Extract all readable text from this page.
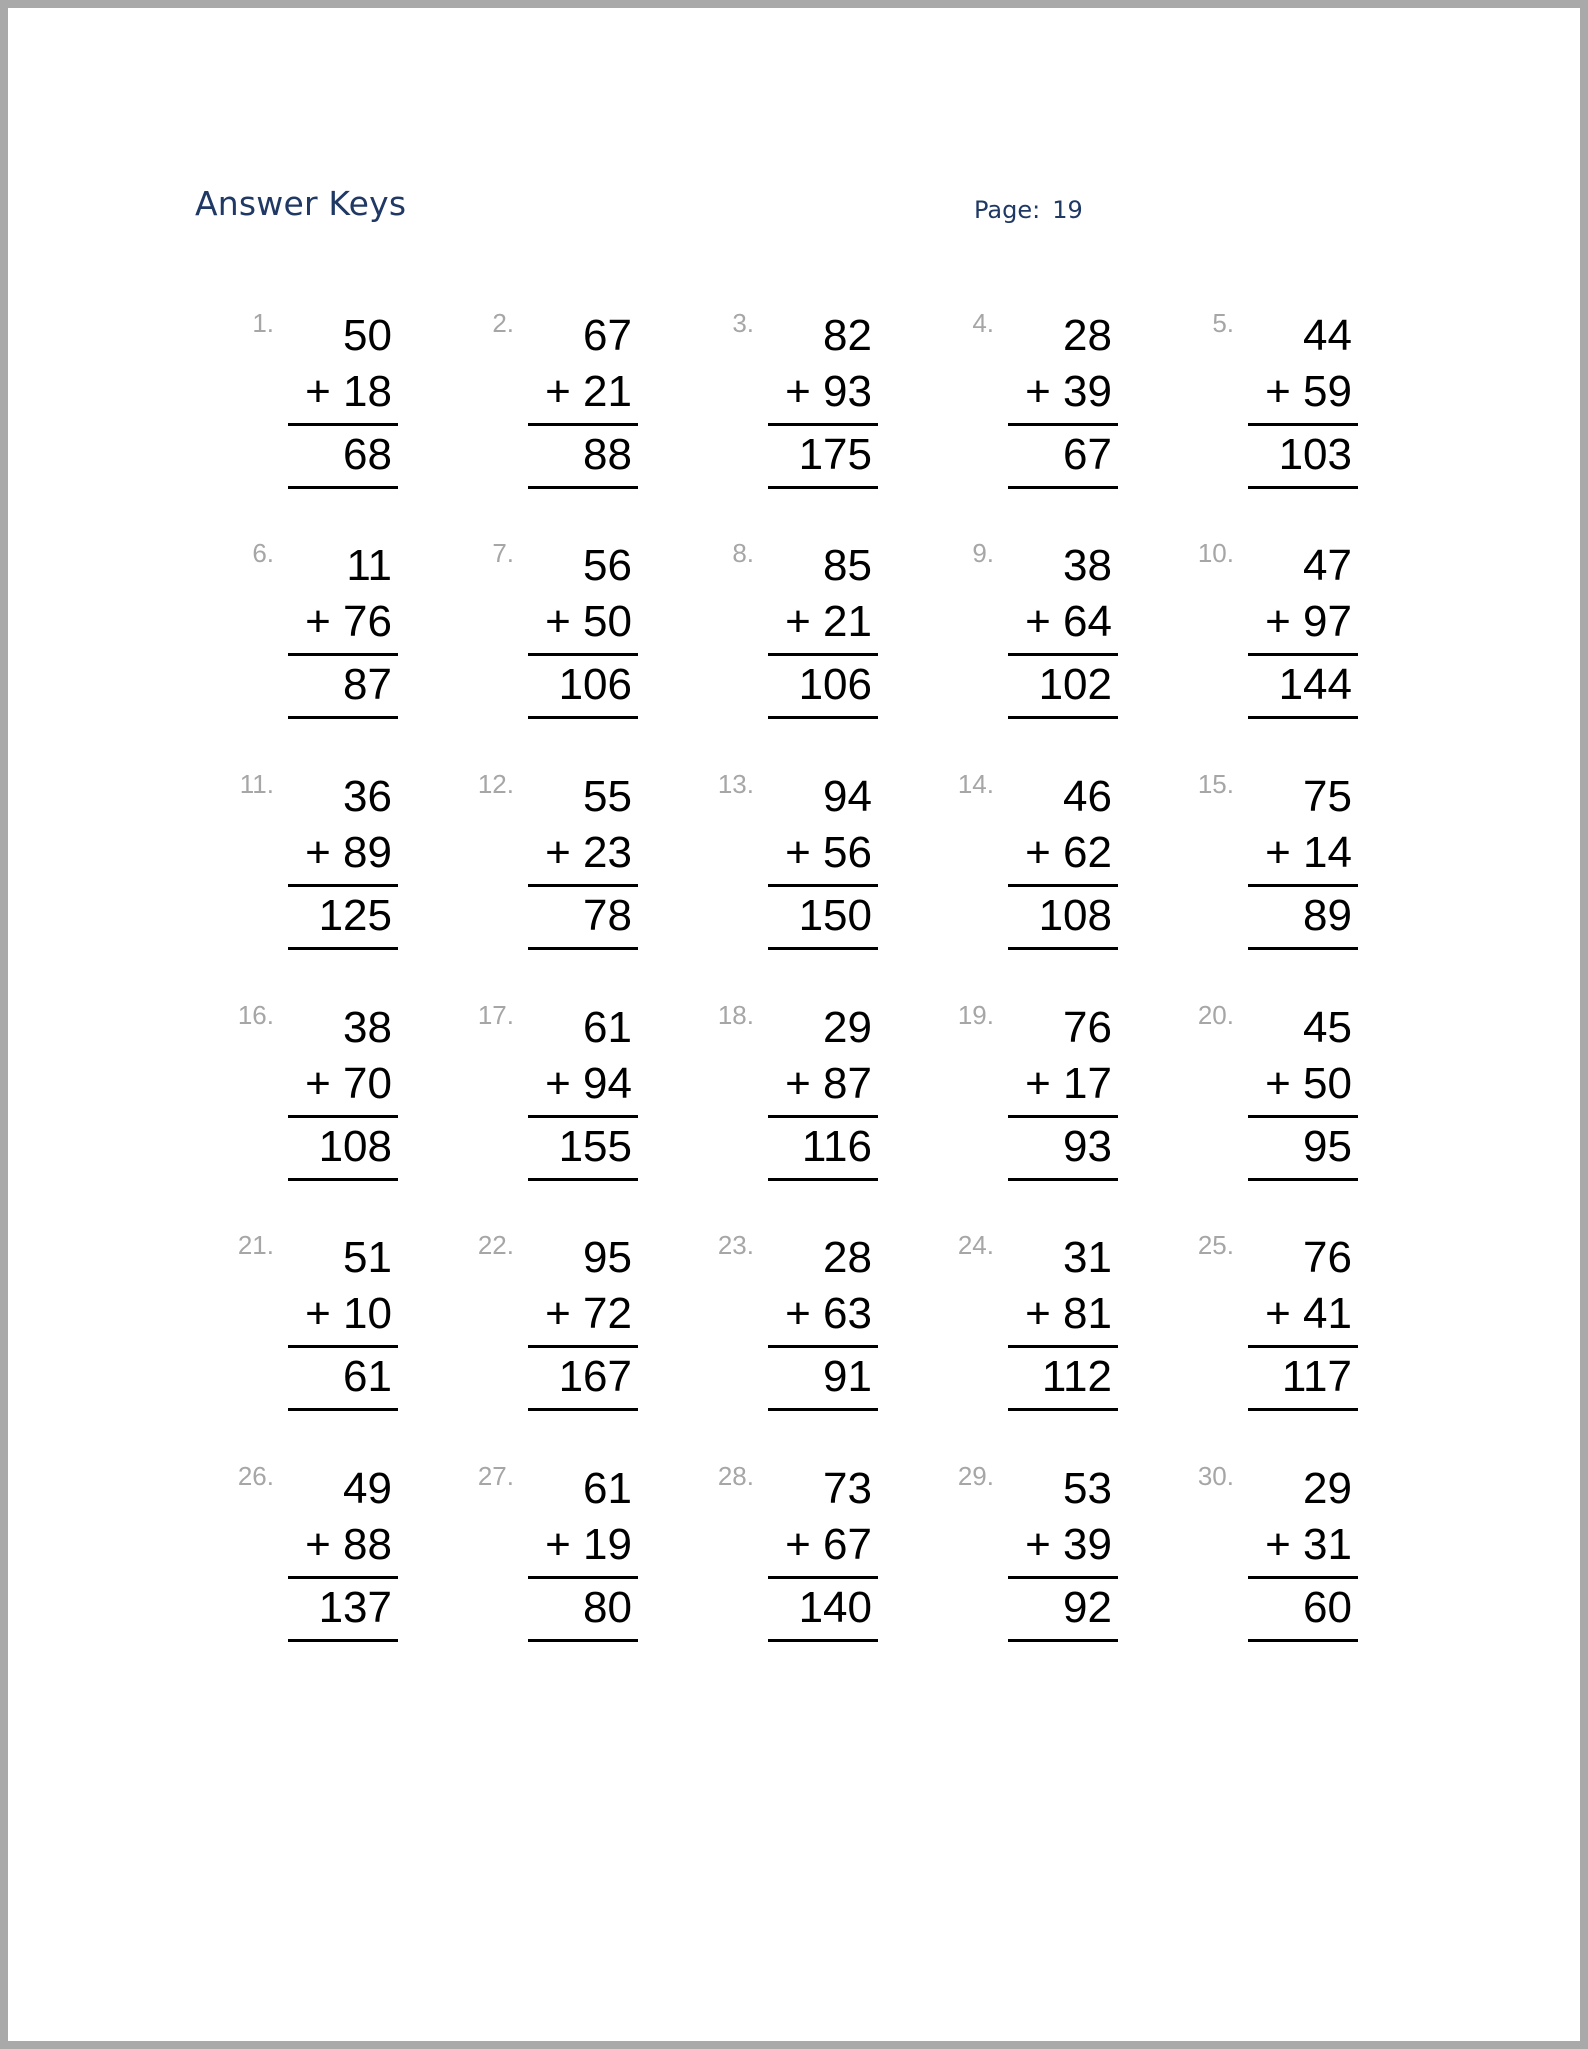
Answer Keys	Page: 19
1.	50
+ 18
68
2.	67
+ 21
88
3.	82
+ 93
175
4.	28
+ 39
67
5.	44
+ 59
103
6.	11
+ 76
87
7.	56
+ 50
106
8.	85
+ 21
106
9.	38
+ 64
102
10.	47
+ 97
144
11.	36
+ 89
125
12.	55
+ 23
78
13.	94
+ 56
150
14.	46
+ 62
108
15.	75
+ 14
89
16.	38
+ 70
108
17.	61
+ 94
155
18.	29
+ 87
116
19.	76
+ 17
93
20.	45
+ 50
95
21.	51
+ 10
61
22.	95
+ 72
167
23.	28
+ 63
91
24.	31
+ 81
112
25.	76
+ 41
117
26.	49
+ 88
137
27.	61
+ 19
80
28.	73
+ 67
140
29.	53
+ 39
92
30.	29
+ 31
60
